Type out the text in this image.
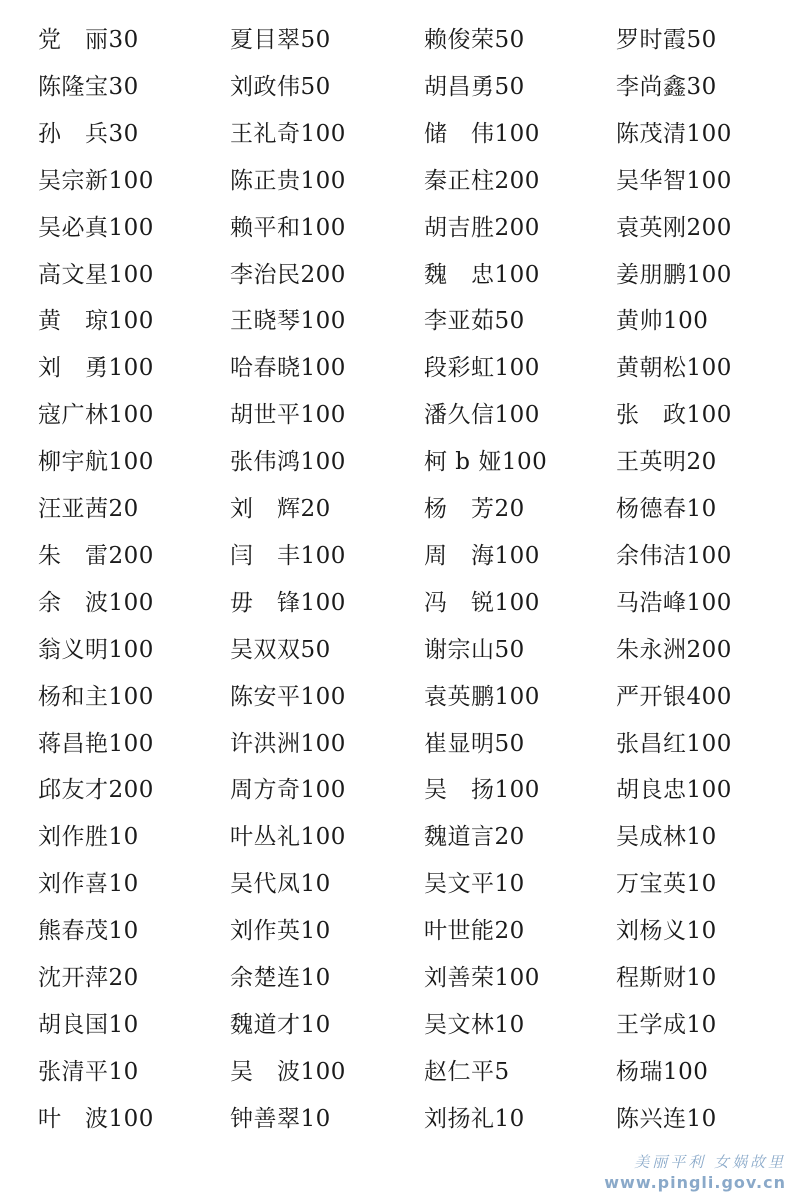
党　丽30	夏目翠50	赖俊荣50	罗时霞50
陈隆宝30	刘政伟50	胡昌勇50	李尚鑫30
孙　兵30	王礼奇100	储　伟100	陈茂清100
吴宗新100	陈正贵100	秦正柱200	吴华智100
吴必真100	赖平和100	胡吉胜200	袁英刚200
高文星100	李治民200	魏　忠100	姜朋鹏100
黄　琼100	王晓琴100	李亚茹50	黄帅100
刘　勇100	哈春晓100	段彩虹100	黄朝松100
寇广林100	胡世平100	潘久信100	张　政100
柳宇航100	张伟鸿100	柯 b 娅100	王英明20
汪亚茜20	刘　辉20	杨　芳20	杨德春10
朱　雷200	闫　丰100	周　海100	余伟洁100
余　波100	毋　锋100	冯　锐100	马浩峰100
翁义明100	吴双双50	谢宗山50	朱永洲200
杨和主100	陈安平100	袁英鹏100	严开银400
蒋昌艳100	许洪洲100	崔显明50	张昌红100
邱友才200	周方奇100	吴　扬100	胡良忠100
刘作胜10	叶丛礼100	魏道言20	吴成林10
刘作喜10	吴代凤10	吴文平10	万宝英10
熊春茂10	刘作英10	叶世能20	刘杨义10
沈开萍20	余楚连10	刘善荣100	程斯财10
胡良国10	魏道才10	吴文林10	王学成10
张清平10	吴　波100	赵仁平5	杨瑞100
叶　波100	钟善翠10	刘扬礼10	陈兴连10
美丽平利 女娲故里
www.pingli.gov.cn
